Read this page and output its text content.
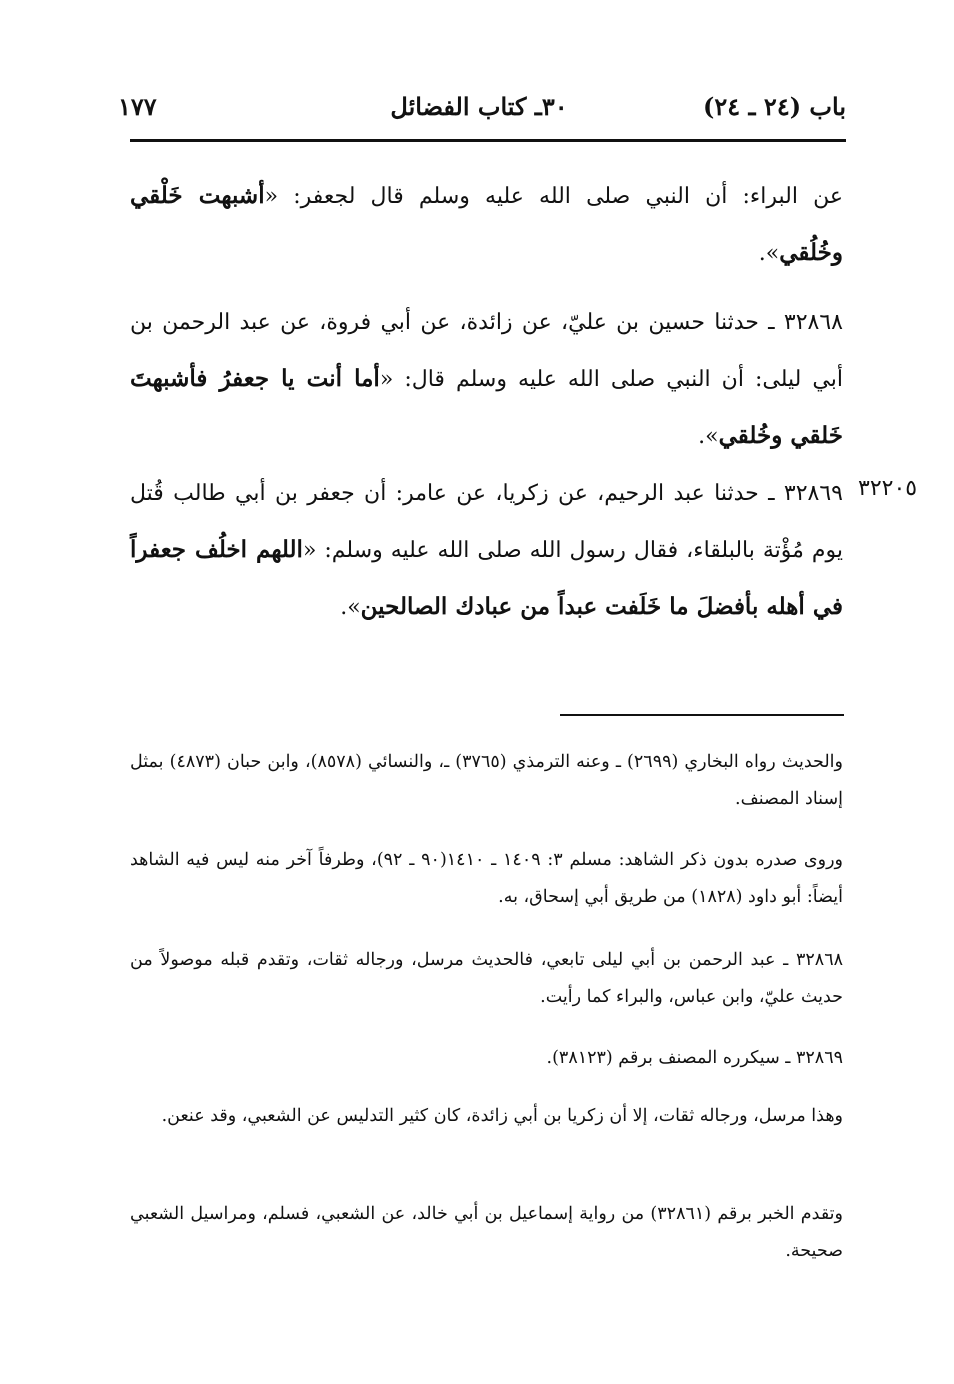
باب (٢٤ ـ ٢٤)
٣٠ـ كتاب الفضائل
١٧٧
عن البراء: أن النبي صلى الله عليه وسلم قال لجعفر: «أشبهت خَلْقي وخُلُقي».
٣٢٨٦٨ ـ حدثنا حسين بن عليّ، عن زائدة، عن أبي فروة، عن عبد الرحمن بن أبي ليلى: أن النبي صلى الله عليه وسلم قال: «أما أنت يا جعفرُ فأشبهتَ خَلقي وخُلقي».
٣٢٢٠٥
٣٢٨٦٩ ـ حدثنا عبد الرحيم، عن زكريا، عن عامر: أن جعفر بن أبي طالب قُتل يوم مُؤْتة بالبلقاء، فقال رسول الله صلى الله عليه وسلم: «اللهم اخلُف جعفراً في أهله بأفضلَ ما خَلَفت عبداً من عبادك الصالحين».
والحديث رواه البخاري (٢٦٩٩) ـ وعنه الترمذي (٣٧٦٥) ـ، والنسائي (٨٥٧٨)، وابن حبان (٤٨٧٣) بمثل إسناد المصنف.
وروى صدره بدون ذكر الشاهد: مسلم ٣: ١٤٠٩ ـ ١٤١٠(٩٠ ـ ٩٢)، وطرفاً آخر منه ليس فيه الشاهد أيضاً: أبو داود (١٨٢٨) من طريق أبي إسحاق، به.
٣٢٨٦٨ ـ عبد الرحمن بن أبي ليلى تابعي، فالحديث مرسل، ورجاله ثقات، وتقدم قبله موصولاً من حديث عليّ، وابن عباس، والبراء كما رأيت.
٣٢٨٦٩ ـ سيكرره المصنف برقم (٣٨١٢٣).
وهذا مرسل، ورجاله ثقات، إلا أن زكريا بن أبي زائدة، كان كثير التدليس عن الشعبي، وقد عنعن.
وتقدم الخبر برقم (٣٢٨٦١) من رواية إسماعيل بن أبي خالد، عن الشعبي، فسلم، ومراسيل الشعبي صحيحة.
